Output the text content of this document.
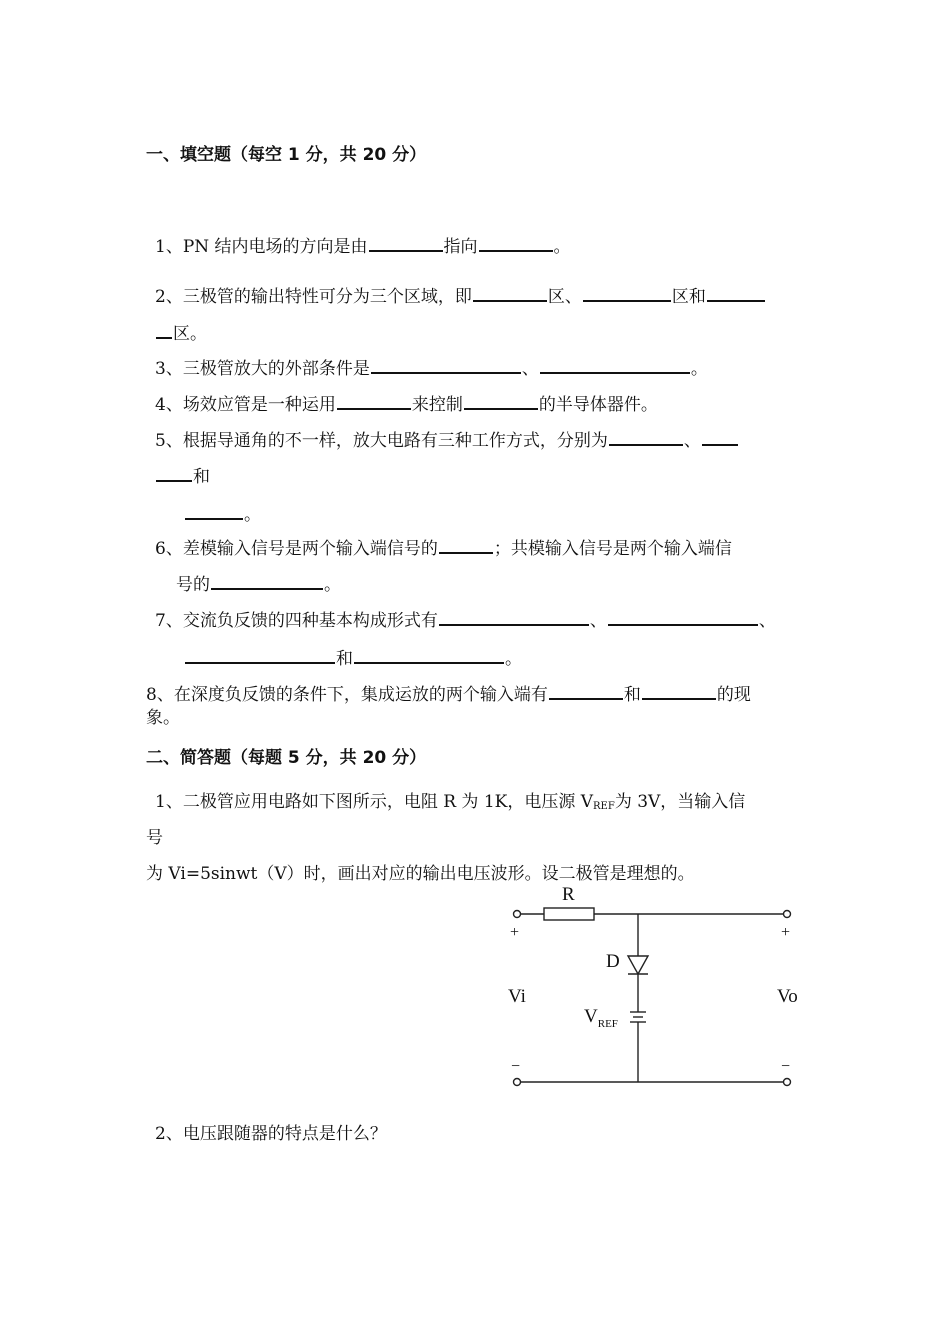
一、填空题（每空 1 分，共 20 分）
1、PN 结内电场的方向是由	指向	。
2、三极管的输出特性可分为三个区域，即	区、	区和
区。
3、三极管放大的外部条件是	、	。
4、场效应管是一种运用	来控制	的半导体器件。
5、根据导通角的不一样，放大电路有三种工作方式，分别为	、
和
。
6、差模输入信号是两个输入端信号的	；共模输入信号是两个输入端信
号的	。
7、交流负反馈的四种基本构成形式有	、	、
和	。
8、在深度负反馈的条件下，集成运放的两个输入端有	和	的现
象。
二、简答题（每题 5 分，共 20 分）
1、二极管应用电路如下图所示，电阻 R 为 1K，电压源 $V_{REF}$为 3V，当输入信
号
为 Vi=5sinwt（V）时，画出对应的输出电压波形。设二极管是理想的。
R
+	+
D
Vi	Vo
$V_{REF}$
−	−
2、电压跟随器的特点是什么？
